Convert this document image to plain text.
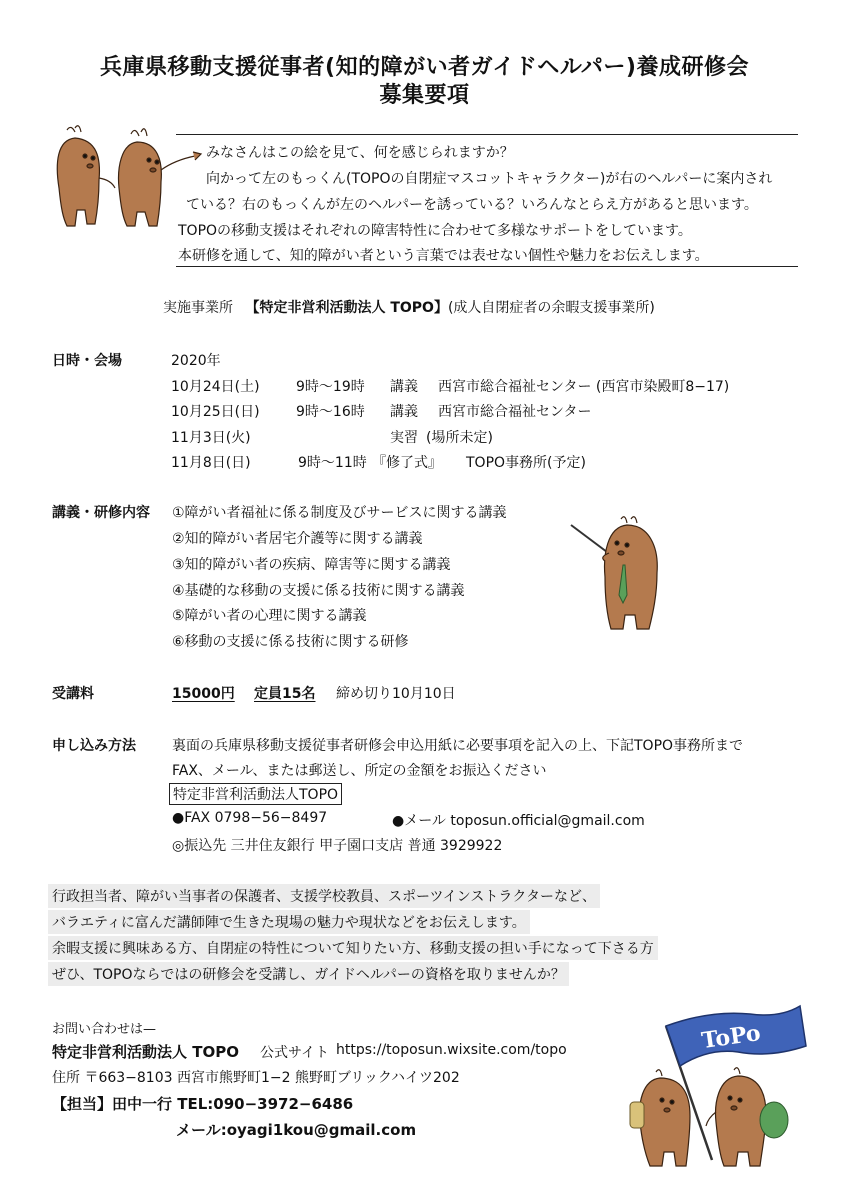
兵庫県移動支援従事者(知的障がい者ガイドヘルパー)養成研修会
募集要項
みなさんはこの絵を見て、何を感じられますか？
向かって左のもっくん(TOPOの自閉症マスコットキャラクター)が右のヘルパーに案内され
ている？右のもっくんが左のヘルパーを誘っている？いろんなとらえ方があると思います。
TOPOの移動支援はそれぞれの障害特性に合わせて多様なサポートをしています。
本研修を通して、知的障がい者という言葉では表せない個性や魅力をお伝えします。
実施事業所 【特定非営利活動法人 TOPO】(成人自閉症者の余暇支援事業所)
日時・会場	2020年
10月24日(土)	9時〜19時 講義 西宮市総合福祉センター (西宮市染殿町8−17)
10月25日(日)	9時〜16時 講義 西宮市総合福祉センター
11月3日(火)	実習 (場所未定)
11月8日(日)	9時〜11時 『修了式』 TOPO事務所(予定)
講義・研修内容 ①障がい者福祉に係る制度及びサービスに関する講義
②知的障がい者居宅介護等に関する講義
③知的障がい者の疾病、障害等に関する講義
④基礎的な移動の支援に係る技術に関する講義
⑤障がい者の心理に関する講義
⑥移動の支援に係る技術に関する研修
受講料	15000円 定員15名 締め切り10月10日
申し込み方法	裏面の兵庫県移動支援従事者研修会申込用紙に必要事項を記入の上、下記TOPO事務所まで
FAX、メール、または郵送し、所定の金額をお振込ください
特定非営利活動法人TOPO
●FAX 0798−56−8497	●メール toposun.official@gmail.com
◎振込先 三井住友銀行 甲子園口支店 普通 3929922
行政担当者、障がい当事者の保護者、支援学校教員、スポーツインストラクターなど、
バラエティに富んだ講師陣で生きた現場の魅力や現状などをお伝えします。
余暇支援に興味ある方、自閉症の特性について知りたい方、移動支援の担い手になって下さる方
ぜひ、TOPOならではの研修会を受講し、ガイドヘルパーの資格を取りませんか？
お問い合わせは—
特定非営利活動法人 TOPO 公式サイト https://toposun.wixsite.com/topo
住所 〒663−8103 西宮市熊野町1−2 熊野町ブリックハイツ202
【担当】田中一行 TEL:090−3972−6486
メール:oyagi1kou@gmail.com
ToPo
